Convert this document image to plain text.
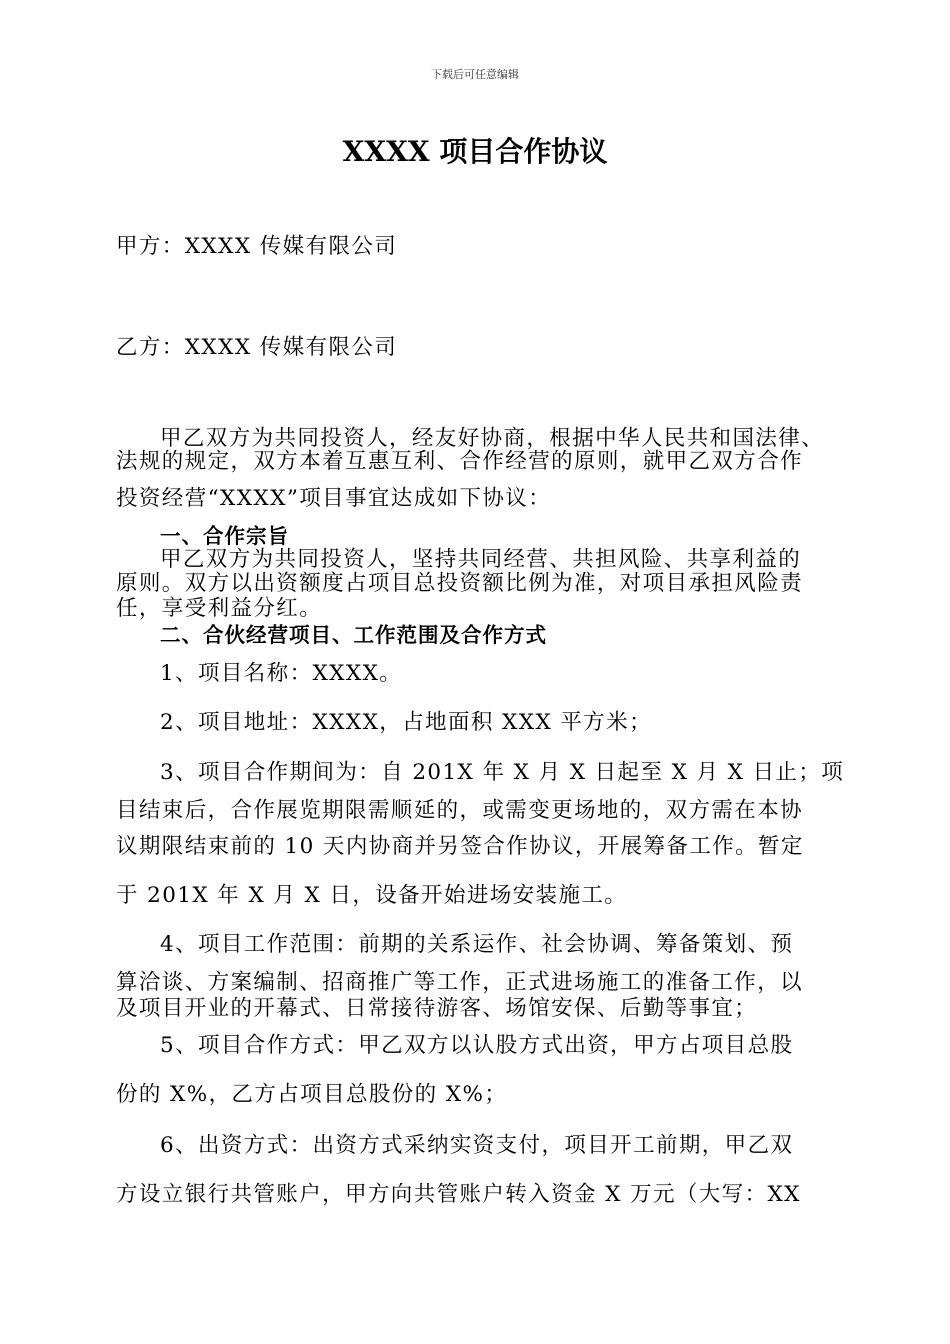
下载后可任意编辑
XXXX 项目合作协议
甲方：XXXX 传媒有限公司
乙方：XXXX 传媒有限公司
甲乙双方为共同投资人，经友好协商，根据中华人民共和国法律、
法规的规定，双方本着互惠互利、合作经营的原则，就甲乙双方合作
投资经营“XXXX”项目事宜达成如下协议：
一、合作宗旨
甲乙双方为共同投资人，坚持共同经营、共担风险、共享利益的
原则。双方以出资额度占项目总投资额比例为准，对项目承担风险责
任，享受利益分红。
二、合伙经营项目、工作范围及合作方式
1、项目名称：XXXX。
2、项目地址：XXXX，占地面积 XXX 平方米；
3、项目合作期间为：自 201X 年 X 月 X 日起至 X 月 X 日止；项
目结束后，合作展览期限需顺延的，或需变更场地的，双方需在本协
议期限结束前的 10 天内协商并另签合作协议，开展筹备工作。暂定
于 201X 年 X 月 X 日，设备开始进场安装施工。
4、项目工作范围：前期的关系运作、社会协调、筹备策划、预
算洽谈、方案编制、招商推广等工作，正式进场施工的准备工作，以
及项目开业的开幕式、日常接待游客、场馆安保、后勤等事宜；
5、项目合作方式：甲乙双方以认股方式出资，甲方占项目总股
份的 X%，乙方占项目总股份的 X%；
6、出资方式：出资方式采纳实资支付，项目开工前期，甲乙双
方设立银行共管账户，甲方向共管账户转入资金 X 万元（大写：XX
